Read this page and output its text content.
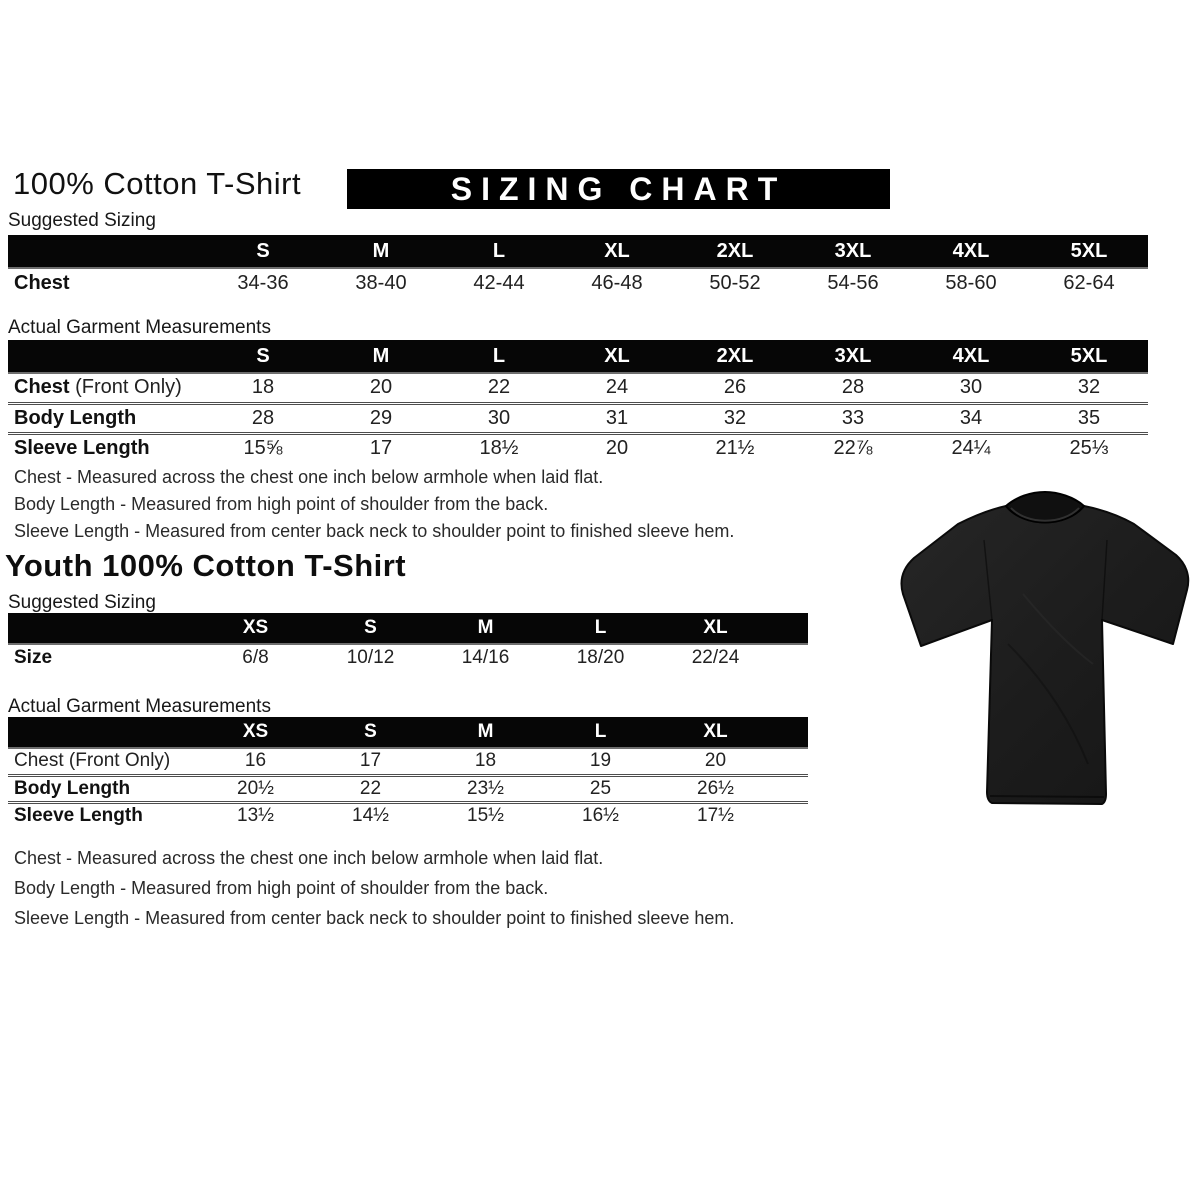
100% Cotton T-Shirt	SIZING CHART
Suggested Sizing
	S	M	L	XL	2XL	3XL	4XL	5XL
Chest	34-36	38-40	42-44	46-48	50-52	54-56	58-60	62-64
Actual Garment Measurements
	S	M	L	XL	2XL	3XL	4XL	5XL
Chest (Front Only)	18	20	22	24	26	28	30	32
Body Length	28	29	30	31	32	33	34	35
Sleeve Length	15⅝	17	18½	20	21½	22⅞	24¼	25⅓
Chest - Measured across the chest one inch below armhole when laid flat.
Body Length - Measured from high point of shoulder from the back.
Sleeve Length - Measured from center back neck to shoulder point to finished sleeve hem.
Youth 100% Cotton T-Shirt
Suggested Sizing
	XS	S	M	L	XL	
Size	6/8	10/12	14/16	18/20	22/24	
Actual Garment Measurements
	XS	S	M	L	XL	
Chest (Front Only)	16	17	18	19	20	
Body Length	20½	22	23½	25	26½	
Sleeve Length	13½	14½	15½	16½	17½	
Chest - Measured across the chest one inch below armhole when laid flat.
Body Length - Measured from high point of shoulder from the back.
Sleeve Length - Measured from center back neck to shoulder point to finished sleeve hem.
